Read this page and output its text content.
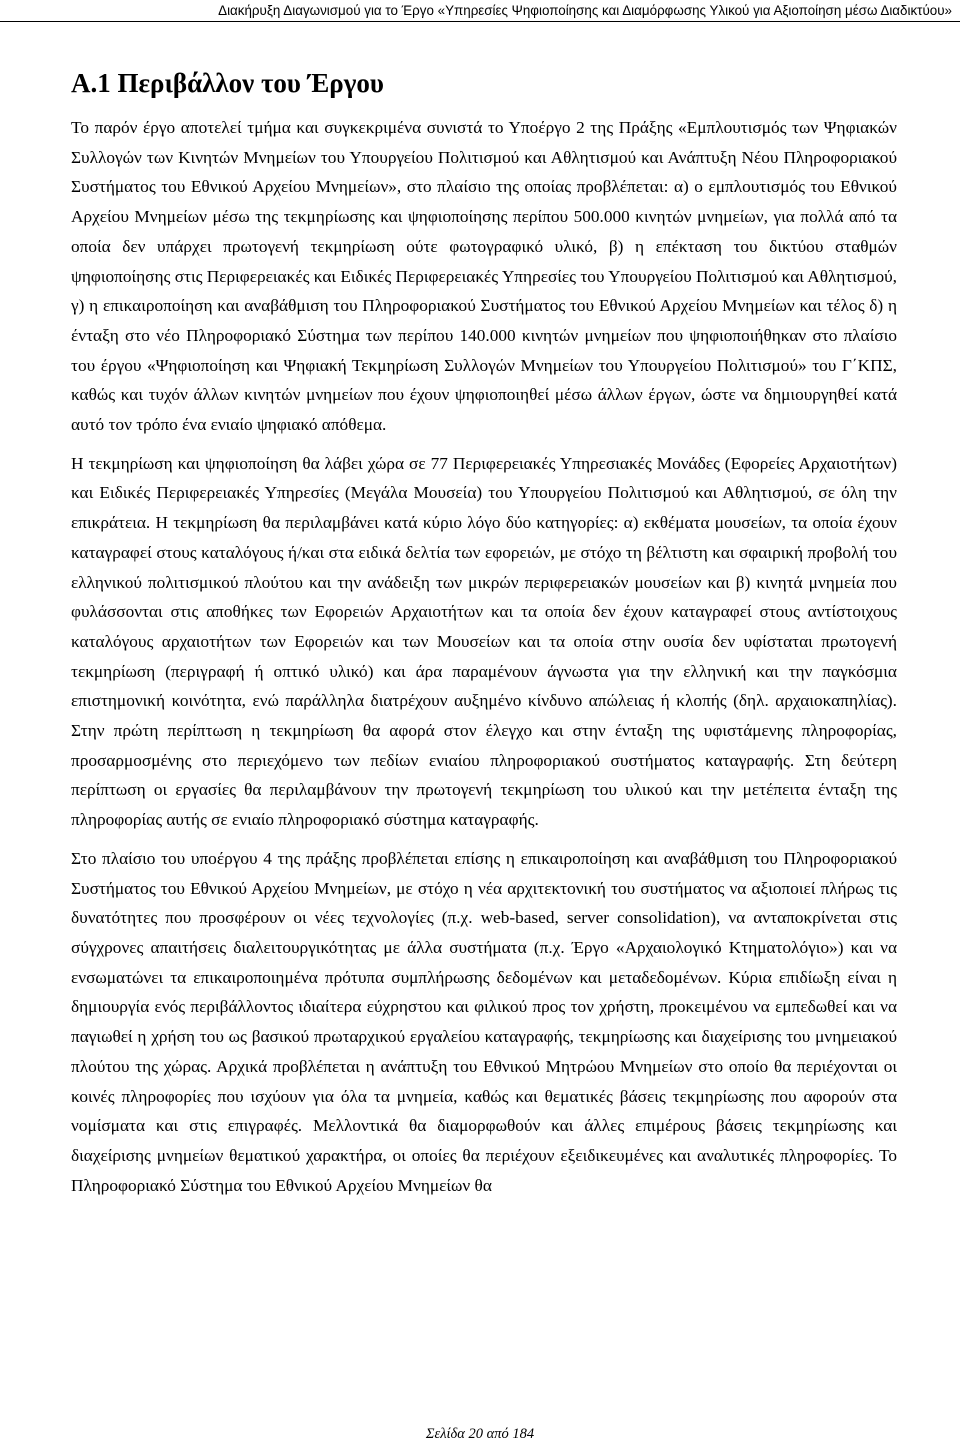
Διακήρυξη Διαγωνισμού για το Έργο «Υπηρεσίες Ψηφιοποίησης και Διαμόρφωσης Υλικού για Αξιοποίηση μέσω Διαδικτύου»
Α.1 Περιβάλλον του Έργου

Το παρόν έργο αποτελεί τμήμα και συγκεκριμένα συνιστά το Υποέργο 2 της Πράξης «Εμπλουτισμός των Ψηφιακών Συλλογών των Κινητών Μνημείων του Υπουργείου Πολιτισμού και Αθλητισμού και Ανάπτυξη Νέου Πληροφοριακού Συστήματος του Εθνικού Αρχείου Μνημείων», στο πλαίσιο της οποίας προβλέπεται: α) ο εμπλουτισμός του Εθνικού Αρχείου Μνημείων μέσω της τεκμηρίωσης και ψηφιοποίησης περίπου 500.000 κινητών μνημείων, για πολλά από τα οποία δεν υπάρχει πρωτογενή τεκμηρίωση ούτε φωτογραφικό υλικό, β) η επέκταση του δικτύου σταθμών ψηφιοποίησης στις Περιφερειακές και Ειδικές Περιφερειακές Υπηρεσίες του Υπουργείου Πολιτισμού και Αθλητισμού, γ) η επικαιροποίηση και αναβάθμιση του Πληροφοριακού Συστήματος του Εθνικού Αρχείου Μνημείων και τέλος δ) η ένταξη στο νέο Πληροφοριακό Σύστημα των περίπου 140.000 κινητών μνημείων που ψηφιοποιήθηκαν στο πλαίσιο του έργου «Ψηφιοποίηση και Ψηφιακή Τεκμηρίωση Συλλογών Μνημείων του Υπουργείου Πολιτισμού» του Γ΄ΚΠΣ, καθώς και τυχόν άλλων κινητών μνημείων που έχουν ψηφιοποιηθεί μέσω άλλων έργων, ώστε να δημιουργηθεί κατά αυτό τον τρόπο ένα ενιαίο ψηφιακό απόθεμα.

Η τεκμηρίωση και ψηφιοποίηση θα λάβει χώρα σε 77 Περιφερειακές Υπηρεσιακές Μονάδες (Εφορείες Αρχαιοτήτων) και Ειδικές Περιφερειακές Υπηρεσίες (Μεγάλα Μουσεία) του Υπουργείου Πολιτισμού και Αθλητισμού, σε όλη την επικράτεια. Η τεκμηρίωση θα περιλαμβάνει κατά κύριο λόγο δύο κατηγορίες: α) εκθέματα μουσείων, τα οποία έχουν καταγραφεί στους καταλόγους ή/και στα ειδικά δελτία των εφορειών, με στόχο τη βέλτιστη και σφαιρική προβολή του ελληνικού πολιτισμικού πλούτου και την ανάδειξη των μικρών περιφερειακών μουσείων και β) κινητά μνημεία που φυλάσσονται στις αποθήκες των Εφορειών Αρχαιοτήτων και τα οποία δεν έχουν καταγραφεί στους αντίστοιχους καταλόγους αρχαιοτήτων των Εφορειών και των Μουσείων και τα οποία στην ουσία δεν υφίσταται πρωτογενή τεκμηρίωση (περιγραφή ή οπτικό υλικό) και άρα παραμένουν άγνωστα για την ελληνική και την παγκόσμια επιστημονική κοινότητα, ενώ παράλληλα διατρέχουν αυξημένο κίνδυνο απώλειας ή κλοπής (δηλ. αρχαιοκαπηλίας). Στην πρώτη περίπτωση η τεκμηρίωση θα αφορά στον έλεγχο και στην ένταξη της υφιστάμενης πληροφορίας, προσαρμοσμένης στο περιεχόμενο των πεδίων ενιαίου πληροφοριακού συστήματος καταγραφής. Στη δεύτερη περίπτωση οι εργασίες θα περιλαμβάνουν την πρωτογενή τεκμηρίωση του υλικού και την μετέπειτα ένταξη της πληροφορίας αυτής σε ενιαίο πληροφοριακό σύστημα καταγραφής.

Στο πλαίσιο του υποέργου 4 της πράξης προβλέπεται επίσης η επικαιροποίηση και αναβάθμιση του Πληροφοριακού Συστήματος του Εθνικού Αρχείου Μνημείων, με στόχο η νέα αρχιτεκτονική του συστήματος να αξιοποιεί πλήρως τις δυνατότητες που προσφέρουν οι νέες τεχνολογίες (π.χ. web-based, server consolidation), να ανταποκρίνεται στις σύγχρονες απαιτήσεις διαλειτουργικότητας με άλλα συστήματα (π.χ. Έργο «Αρχαιολογικό Κτηματολόγιο») και να ενσωματώνει τα επικαιροποιημένα πρότυπα συμπλήρωσης δεδομένων και μεταδεδομένων. Κύρια επιδίωξη είναι η δημιουργία ενός περιβάλλοντος ιδιαίτερα εύχρηστου και φιλικού προς τον χρήστη, προκειμένου να εμπεδωθεί και να παγιωθεί η χρήση του ως βασικού πρωταρχικού εργαλείου καταγραφής, τεκμηρίωσης και διαχείρισης του μνημειακού πλούτου της χώρας. Αρχικά προβλέπεται η ανάπτυξη του Εθνικού Μητρώου Μνημείων στο οποίο θα περιέχονται οι κοινές πληροφορίες που ισχύουν για όλα τα μνημεία, καθώς και θεματικές βάσεις τεκμηρίωσης που αφορούν στα νομίσματα και στις επιγραφές. Μελλοντικά θα διαμορφωθούν και άλλες επιμέρους βάσεις τεκμηρίωσης και διαχείρισης μνημείων θεματικού χαρακτήρα, οι οποίες θα περιέχουν εξειδικευμένες και αναλυτικές πληροφορίες. Το Πληροφοριακό Σύστημα του Εθνικού Αρχείου Μνημείων θα

Σελίδα 20 από 184
